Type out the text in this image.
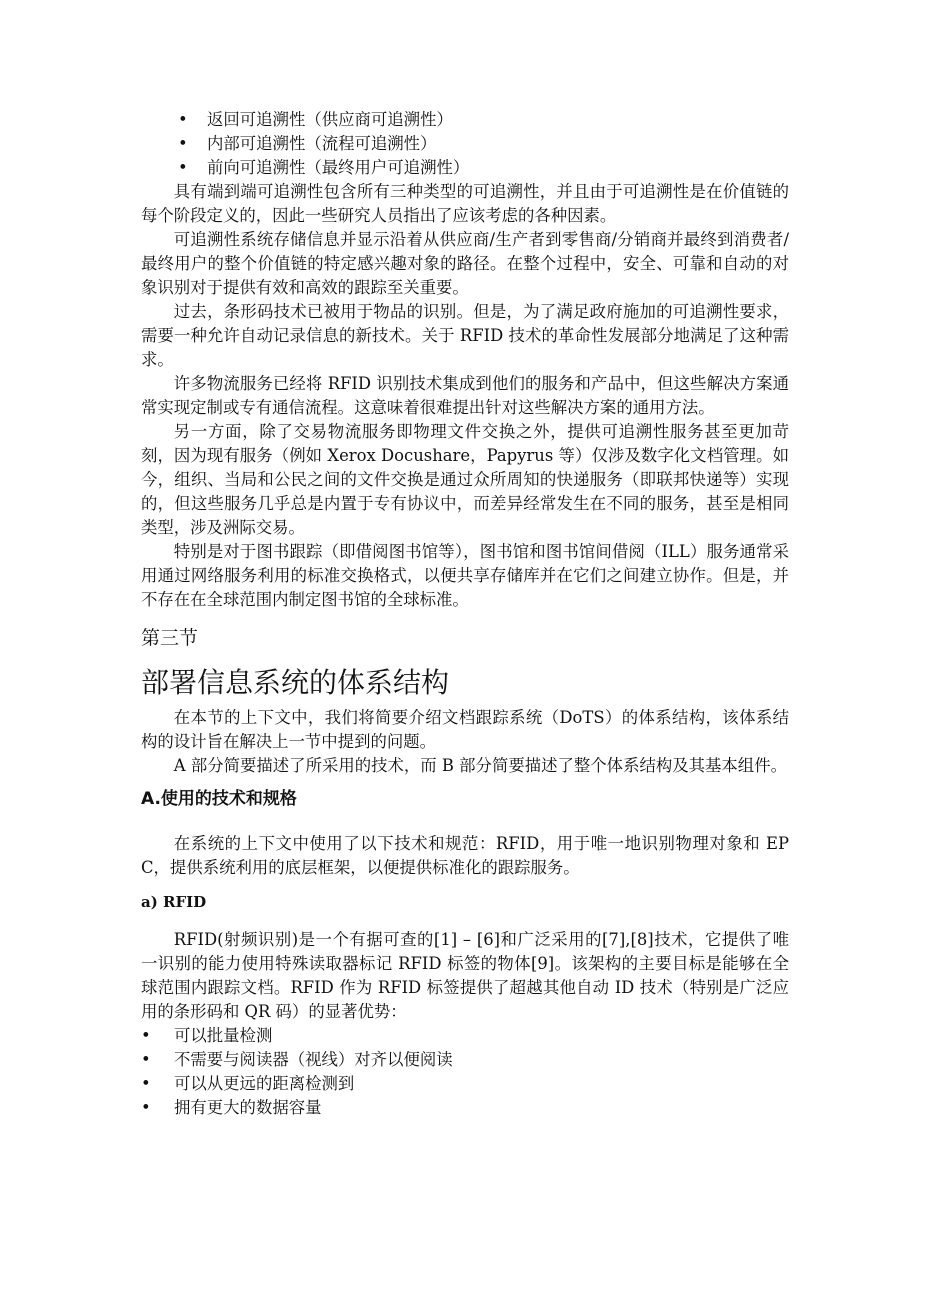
• 返回可追溯性（供应商可追溯性）
• 内部可追溯性（流程可追溯性）
• 前向可追溯性（最终用户可追溯性）

具有端到端可追溯性包含所有三种类型的可追溯性，并且由于可追溯性是在价值链的每个阶段定义的，因此一些研究人员指出了应该考虑的各种因素。

可追溯性系统存储信息并显示沿着从供应商/生产者到零售商/分销商并最终到消费者/最终用户的整个价值链的特定感兴趣对象的路径。在整个过程中，安全、可靠和自动的对象识别对于提供有效和高效的跟踪至关重要。

过去，条形码技术已被用于物品的识别。但是，为了满足政府施加的可追溯性要求，需要一种允许自动记录信息的新技术。关于 RFID 技术的革命性发展部分地满足了这种需求。

许多物流服务已经将 RFID 识别技术集成到他们的服务和产品中，但这些解决方案通常实现定制或专有通信流程。这意味着很难提出针对这些解决方案的通用方法。

另一方面，除了交易物流服务即物理文件交换之外，提供可追溯性服务甚至更加苛刻，因为现有服务（例如 Xerox Docushare，Papyrus 等）仅涉及数字化文档管理。如今，组织、当局和公民之间的文件交换是通过众所周知的快递服务（即联邦快递等）实现的，但这些服务几乎总是内置于专有协议中，而差异经常发生在不同的服务，甚至是相同类型，涉及洲际交易。

特别是对于图书跟踪（即借阅图书馆等），图书馆和图书馆间借阅（ILL）服务通常采用通过网络服务利用的标准交换格式，以便共享存储库并在它们之间建立协作。但是，并不存在在全球范围内制定图书馆的全球标准。

第三节
部署信息系统的体系结构

在本节的上下文中，我们将简要介绍文档跟踪系统（DoTS）的体系结构，该体系结构的设计旨在解决上一节中提到的问题。

A 部分简要描述了所采用的技术，而 B 部分简要描述了整个体系结构及其基本组件。

A.使用的技术和规格

在系统的上下文中使用了以下技术和规范：RFID，用于唯一地识别物理对象和 EPC，提供系统利用的底层框架，以便提供标准化的跟踪服务。

a) RFID

RFID(射频识别)是一个有据可查的[1] – [6]和广泛采用的[7],[8]技术，它提供了唯一识别的能力使用特殊读取器标记 RFID 标签的物体[9]。该架构的主要目标是能够在全球范围内跟踪文档。RFID 作为 RFID 标签提供了超越其他自动 ID 技术（特别是广泛应用的条形码和 QR 码）的显著优势：

• 可以批量检测
• 不需要与阅读器（视线）对齐以便阅读
• 可以从更远的距离检测到
• 拥有更大的数据容量
